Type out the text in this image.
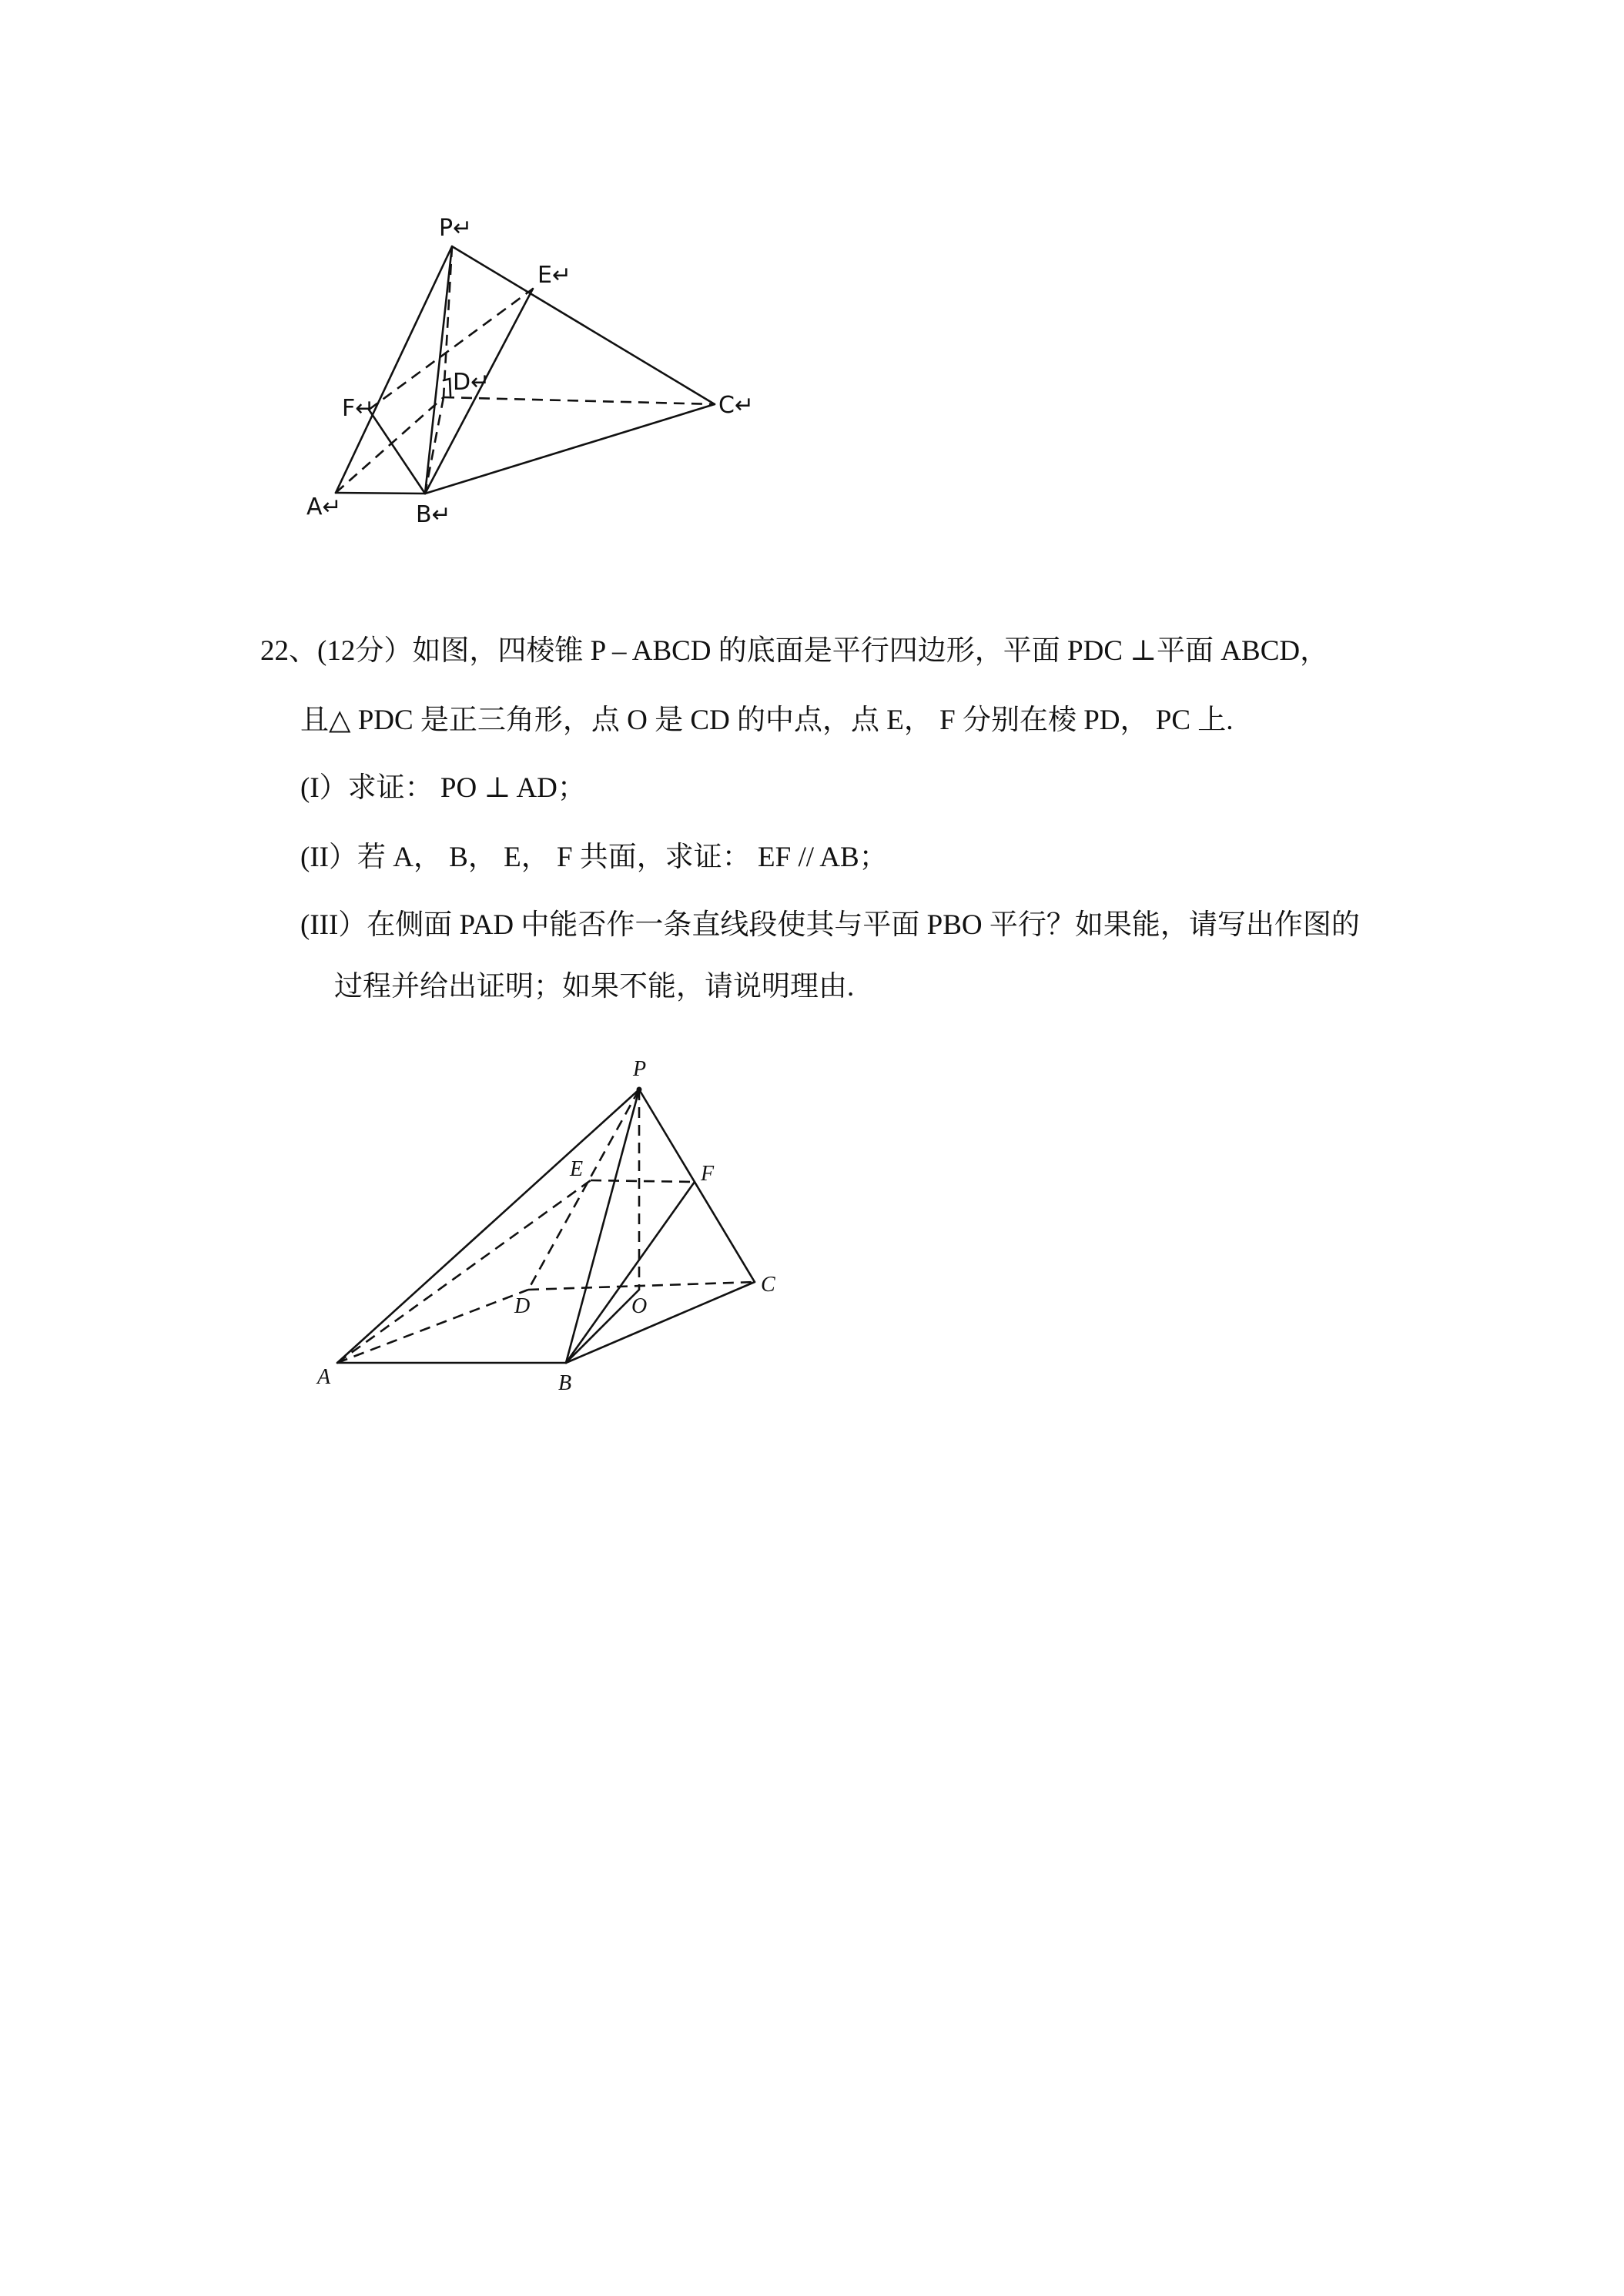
P↵
E↵
F↵
D↵
C↵
A↵	B↵
22、(12分）如图，四棱锥 P – ABCD 的底面是平行四边形，平面 PDC ⊥平面 ABCD，
且△ PDC 是正三角形，点 O 是 CD 的中点，点 E， F 分别在棱 PD， PC 上.
(I）求证： PO ⊥ AD；
(II）若 A， B， E， F 共面，求证： EF // AB；
(III）在侧面 PAD 中能否作一条直线段使其与平面 PBO 平行？如果能，请写出作图的
过程并给出证明；如果不能，请说明理由.
P
E	F
D	O
C
A	B
